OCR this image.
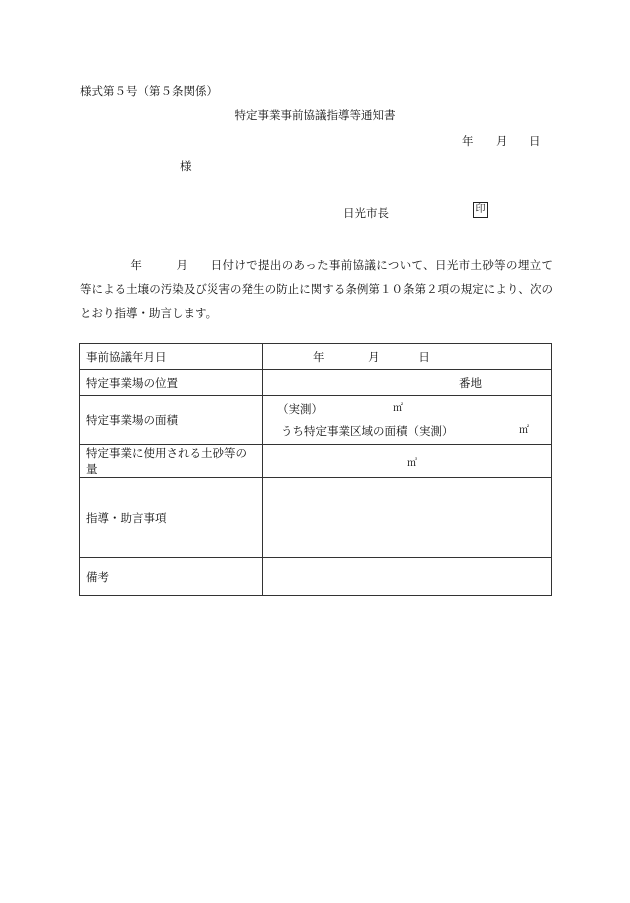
様式第５号（第５条関係）
特定事業事前協議指導等通知書
年 月 日
様
日光市長	印
年	月 日付けで提出のあった事前協議について、日光市土砂等の埋立て等による土壌の汚染及び災害の発生の防止に関する条例第１０条第２項の規定により、次のとおり指導・助言します。
事前協議年月日	年 月 日
特定事業場の位置	番地
特定事業場の面積	（実測） ㎡
うち特定事業区域の面積（実測） ㎡

特定事業に使用される土砂等の量	㎥
指導・助言事項	
備考	
